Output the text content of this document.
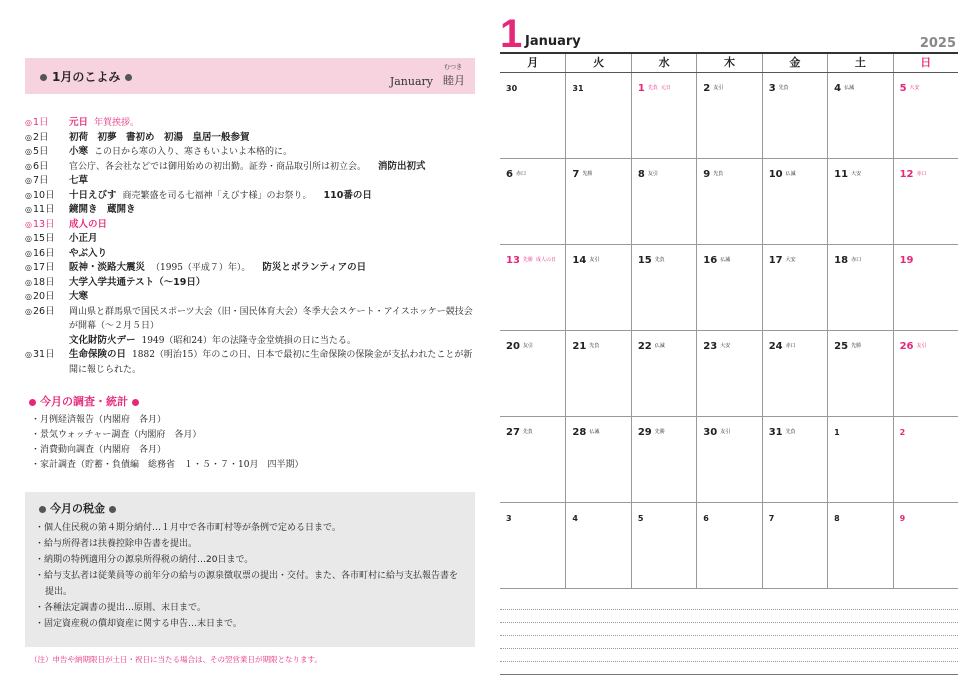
1月のこよみ	January
むつき
睦月
◎ 1日	元日 年賀挨拶。
◎ 2日	初荷　初夢　書初め　初湯　皇居一般参賀
◎ 5日	小寒 この日から寒の入り、寒さもいよいよ本格的に。
◎ 6日	官公庁、各会社などでは御用始めの初出勤。証券・商品取引所は初立会。 消防出初式
◎ 7日	七草
◎ 10日	十日えびす 商売繁盛を司る七福神「えびす様」のお祭り。 110番の日
◎ 11日	鏡開き　蔵開き
◎ 13日	成人の日
◎ 15日	小正月
◎ 16日	やぶ入り
◎ 17日	阪神・淡路大震災 （1995（平成７）年）。 防災とボランティアの日
◎ 18日	大学入学共通テスト（〜19日）
◎ 20日	大寒
◎ 26日	岡山県と群馬県で国民スポーツ大会（旧・国民体育大会）冬季大会スケート・アイスホッケー競技会が開幕（〜２月５日）
文化財防火デー 1949（昭和24）年の法隆寺金堂焼損の日に当たる。
◎ 31日	生命保険の日 1882（明治15）年のこの日、日本で最初に生命保険の保険金が支払われたことが新聞に報じられた。
今月の調査・統計
・月例経済報告（内閣府　各月）
・景気ウォッチャー調査（内閣府　各月）
・消費動向調査（内閣府　各月）
・家計調査（貯蓄・負債編　総務省　１・５・７・10月　四半期）
今月の税金
・個人住民税の第４期分納付…１月中で各市町村等が条例で定める日まで。
・給与所得者は扶養控除申告書を提出。
・納期の特例適用分の源泉所得税の納付…20日まで。
・給与支払者は従業員等の前年分の給与の源泉徴収票の提出・交付。また、各市町村に給与支払報告書を提出。
・各種法定調書の提出…原則、末日まで。
・固定資産税の償却資産に関する申告…末日まで。
（注）申告や納期限日が土日・祝日に当たる場合は、その翌営業日が期限となります。
1 January	2025
月	火	水	木	金	土	日
30	31	1 先負 元日	2 友引	3 先負	4 仏滅	5 大安
6 赤口	7 先勝	8 友引	9 先負	10 仏滅	11 大安	12 赤口
13 先勝 成人の日	14 友引	15 先負	16 仏滅	17 大安	18 赤口	19
20 友引	21 先負	22 仏滅	23 大安	24 赤口	25 先勝	26 友引
27 先負	28 仏滅	29 先勝	30 友引	31 先負	1	2
3	4	5	6	7	8	9
